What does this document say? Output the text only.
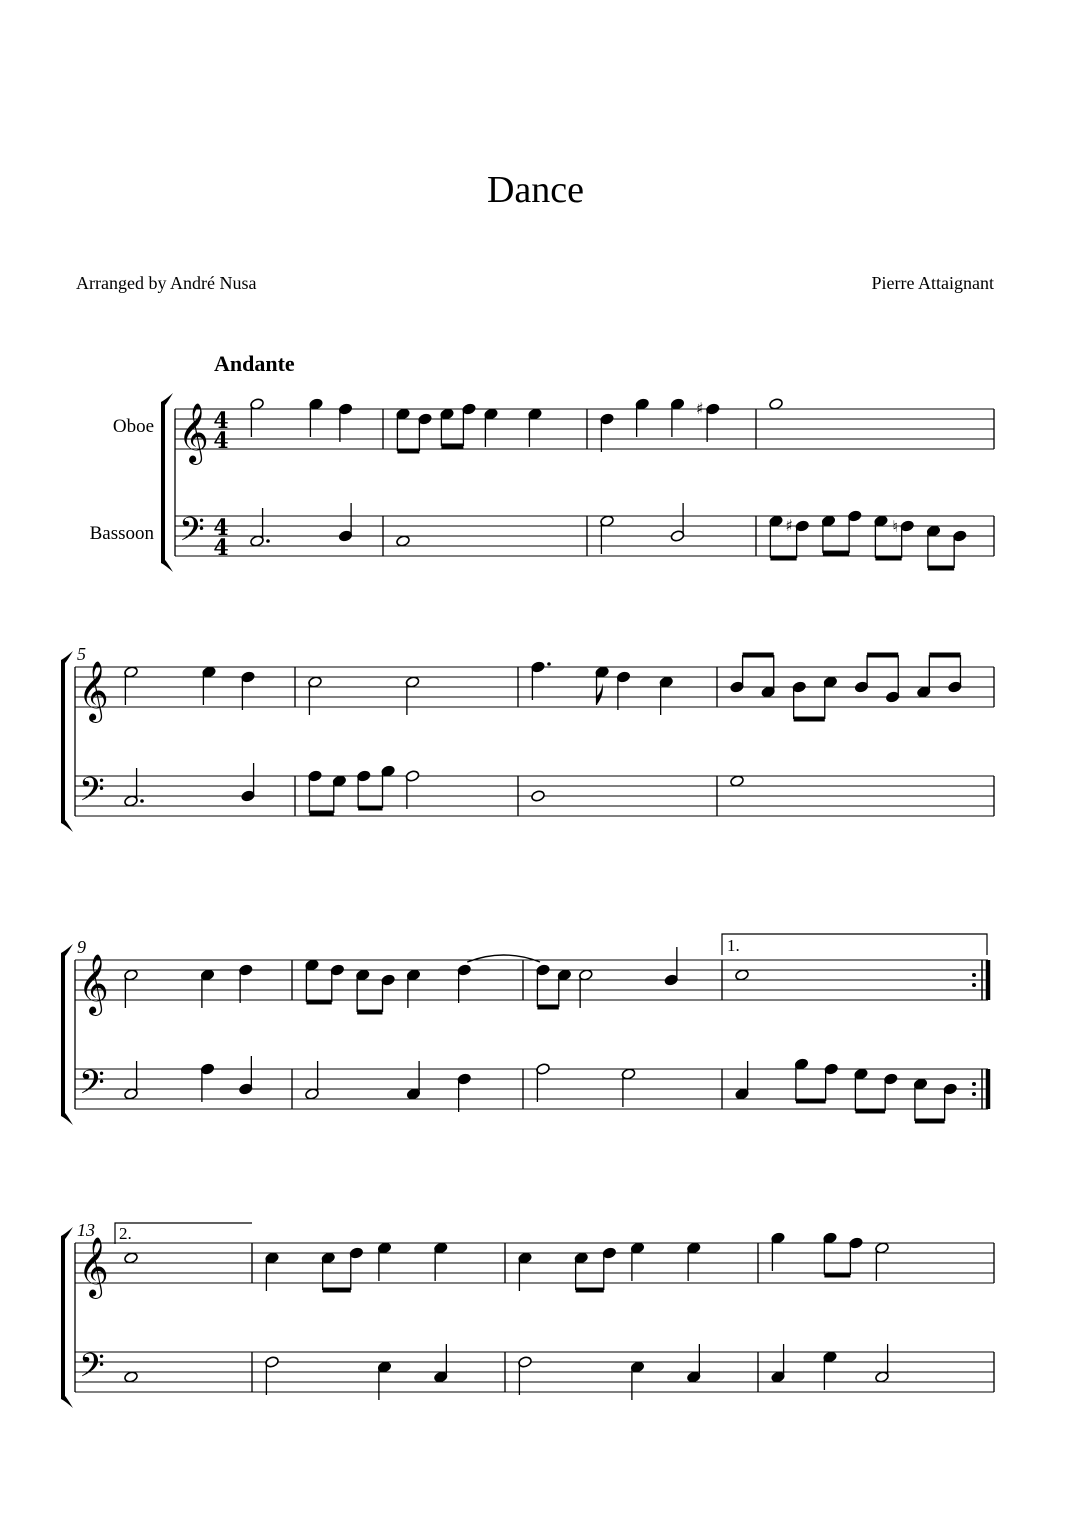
Dance
Arranged by André Nusa	Pierre Attaignant
Andante
Oboe
Bassoon
𝄞
𝄢
4
4
4
4
♯
♮
♯
𝄞
𝄢
5
𝄞
𝄢
9	1.
𝄞
𝄢
13 2.
